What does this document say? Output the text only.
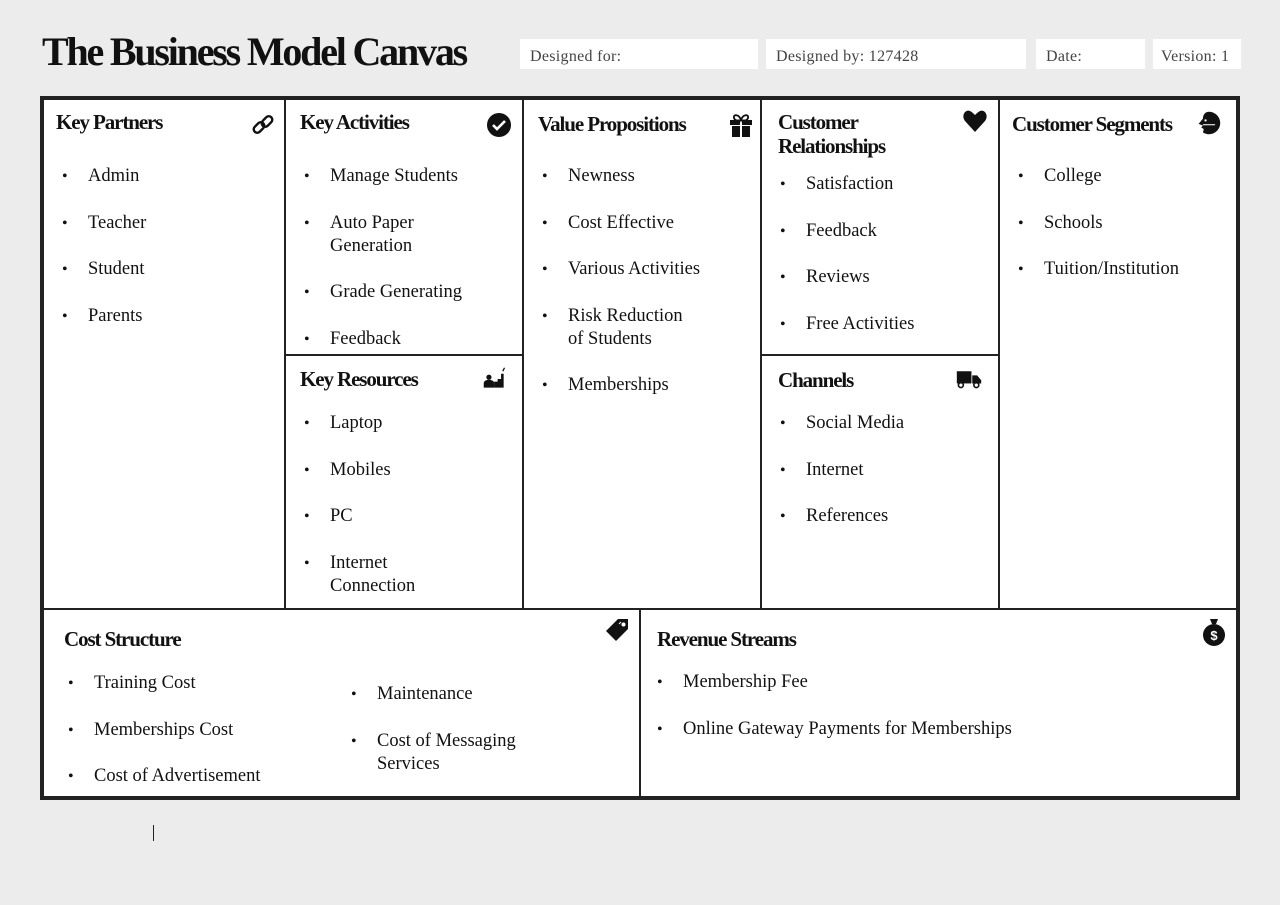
The Business Model Canvas	Designed for:	Designed by: 127428	Date:	Version: 1
Key Partners
• Admin
• Teacher
• Student
• Parents
Key Activities
• Manage Students
• Auto Paper Generation
• Grade Generating
• Feedback
Key Resources
• Laptop
• Mobiles
• PC
• Internet Connection
Value Propositions
• Newness
• Cost Effective
• Various Activities
• Risk Reduction of Students
• Memberships
Customer Relationships
• Satisfaction
• Feedback
• Reviews
• Free Activities
Channels
• Social Media
• Internet
• References
Customer Segments
• College
• Schools
• Tuition/Institution
Cost Structure
• Training Cost
• Memberships Cost
• Cost of Advertisement
• Maintenance
• Cost of Messaging Services
Revenue Streams	$
• Membership Fee
• Online Gateway Payments for Memberships
